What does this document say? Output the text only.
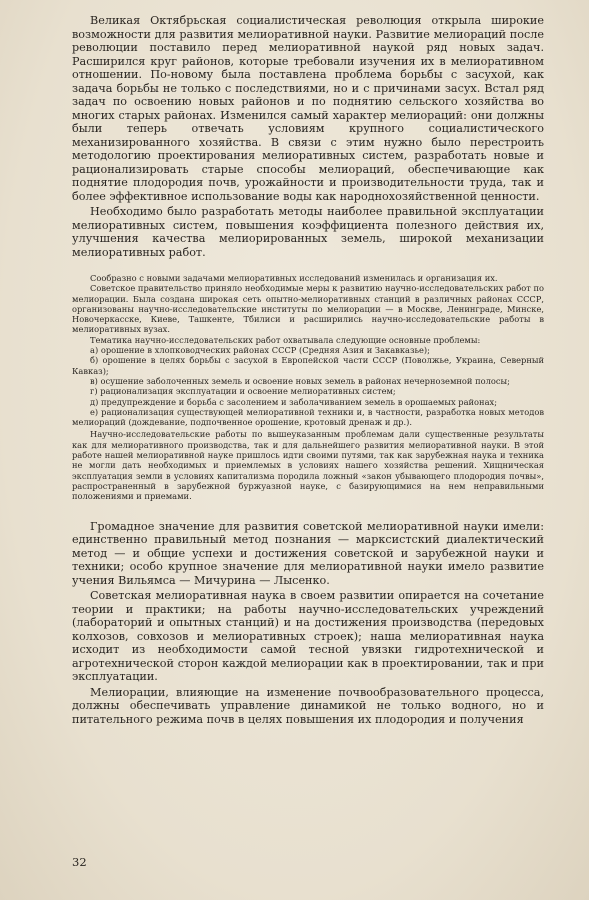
Великая Октябрьская социалистическая революция открыла широкие возможности для развития мелиоративной науки. Развитие мелиораций после революции поставило перед мелиоративной наукой ряд новых задач. Расширился круг районов, которые требовали изучения их в мелиоративном отношении. По-новому была поставлена проблема борьбы с засухой, как задача борьбы не только с последствиями, но и с причинами засух. Встал ряд задач по освоению новых районов и по поднятию сельского хозяйства во многих старых районах. Изменился самый характер мелиораций: они должны были теперь отвечать условиям крупного социалистического механизированного хозяйства. В связи с этим нужно было перестроить методологию проектирования мелиоративных систем, разработать новые и рационализировать старые способы мелиораций, обеспечивающие как поднятие плодородия почв, урожайности и производительности труда, так и более эффективное использование воды как народнохозяйственной ценности.

Необходимо было разработать методы наиболее правильной эксплуатации мелиоративных систем, повышения коэффициента полезного действия их, улучшения качества мелиорированных земель, широкой механизации мелиоративных работ.

Сообразно с новыми задачами мелиоративных исследований изменилась и организация их.

Советское правительство приняло необходимые меры к развитию научно-исследовательских работ по мелиорации. Была создана широкая сеть опытно-мелиоративных станций в различных районах СССР, организованы научно-исследовательские институты по мелиорации — в Москве, Ленинграде, Минске, Новочеркасске, Киеве, Ташкенте, Тбилиси и расширились научно-исследовательские работы в мелиоративных вузах.

Тематика научно-исследовательских работ охватывала следующие основные проблемы:

а) орошение в хлопководческих районах СССР (Средняя Азия и Закавказье);

б) орошение в целях борьбы с засухой в Европейской части СССР (Поволжье, Украина, Северный Кавказ);

в) осушение заболоченных земель и освоение новых земель в районах нечерноземной полосы;

г) рационализация эксплуатации и освоение мелиоративных систем;

д) предупреждение и борьба с засолением и заболачиванием земель в орошаемых районах;

е) рационализация существующей мелиоративной техники и, в частности, разработка новых методов мелиораций (дождевание, подпочвенное орошение, кротовый дренаж и др.).

Научно-исследовательские работы по вышеуказанным проблемам дали существенные результаты как для мелиоративного производства, так и для дальнейшего развития мелиоративной науки. В этой работе нашей мелиоративной науке пришлось идти своими путями, так как зарубежная наука и техника не могли дать необходимых и приемлемых в условиях нашего хозяйства решений. Хищническая эксплуатация земли в условиях капитализма породила ложный «закон убывающего плодородия почвы», распространенный в зарубежной буржуазной науке, с базирующимися на нем неправильными положениями и приемами.

Громадное значение для развития советской мелиоративной науки имели: единственно правильный метод познания — марксистский диалектический метод — и общие успехи и достижения советской и зарубежной науки и техники; особо крупное значение для мелиоративной науки имело развитие учения Вильямса — Мичурина — Лысенко.

Советская мелиоративная наука в своем развитии опирается на сочетание теории и практики; на работы научно-исследовательских учреждений (лабораторий и опытных станций) и на достижения производства (передовых колхозов, совхозов и мелиоративных строек); наша мелиоративная наука исходит из необходимости самой тесной увязки гидротехнической и агротехнической сторон каждой мелиорации как в проектировании, так и при эксплуатации.

Мелиорации, влияющие на изменение почвообразовательного процесса, должны обеспечивать управление динамикой не только водного, но и питательного режима почв в целях повышения их плодородия и получения

32
